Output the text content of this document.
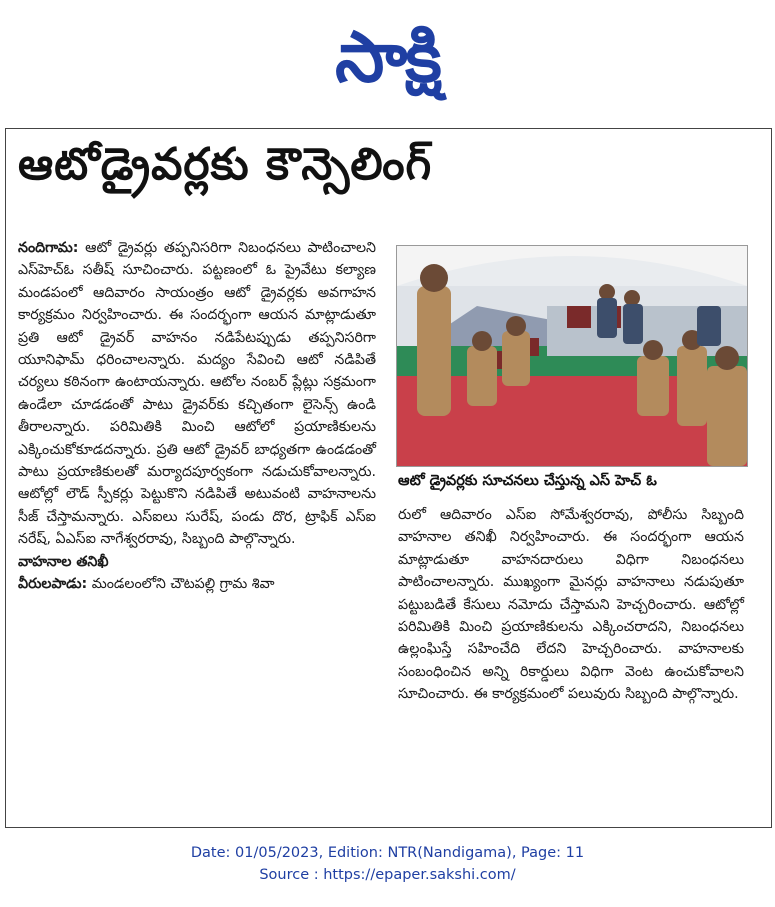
సాక్షి
ఆటోడ్రైవర్లకు కౌన్సెలింగ్

నందిగామ: ఆటో డ్రైవర్లు తప్పనిసరిగా నిబంధనలు పాటించాలని ఎస్‌హెచ్‌ఓ సతీష్ సూచించారు. పట్టణంలో ఓ ప్రైవేటు కల్యాణ మండపంలో ఆదివారం సాయంత్రం ఆటో డ్రైవర్లకు అవగాహన కార్యక్రమం నిర్వహించారు. ఈ సందర్భంగా ఆయన మాట్లాడుతూ ప్రతి ఆటో డ్రైవర్ వాహనం నడిపేటప్పుడు తప్పనిసరిగా యూనిఫామ్ ధరించాలన్నారు. మద్యం సేవించి ఆటో నడిపితే చర్యలు కఠినంగా ఉంటాయన్నారు. ఆటోల నంబర్ ప్లేట్లు సక్రమంగా ఉండేలా చూడడంతో పాటు డ్రైవర్‌కు కచ్చితంగా లైసెన్స్ ఉండి తీరాలన్నారు. పరిమితికి మించి ఆటోలో ప్రయాణికులను ఎక్కించుకోకూడదన్నారు. ప్రతి ఆటో డ్రైవర్ బాధ్యతగా ఉండడంతో పాటు ప్రయాణికులతో మర్యాదపూర్వకంగా నడుచుకోవాలన్నారు. ఆటోల్లో లౌడ్ స్పీకర్లు పెట్టుకొని నడిపితే అటువంటి వాహనాలను సీజ్ చేస్తామన్నారు. ఎస్ఐలు సురేష్, పండు దొర, ట్రాఫిక్ ఎస్ఐ నరేష్, ఏఎస్ఐ నాగేశ్వరరావు, సిబ్బంది పాల్గొన్నారు.

వాహనాల తనిఖీ

వీరులపాడు: మండలంలోని చౌటపల్లి గ్రామ శివా

ఆటో డ్రైవర్లకు సూచనలు చేస్తున్న ఎస్ హెచ్ ఓ

రులో ఆదివారం ఎస్ఐ సోమేశ్వరరావు, పోలీసు సిబ్బంది వాహనాల తనిఖీ నిర్వహించారు. ఈ సందర్భంగా ఆయన మాట్లాడుతూ వాహనదారులు విధిగా నిబంధనలు పాటించాలన్నారు. ముఖ్యంగా మైనర్లు వాహనాలు నడుపుతూ పట్టుబడితే కేసులు నమోదు చేస్తామని హెచ్చరించారు. ఆటోల్లో పరిమితికి మించి ప్రయాణికులను ఎక్కించరాదని, నిబంధనలు ఉల్లంఘిస్తే సహించేది లేదని హెచ్చరించారు. వాహనాలకు సంబంధించిన అన్ని రికార్డులు విధిగా వెంట ఉంచుకోవాలని సూచించారు. ఈ కార్యక్రమంలో పలువురు సిబ్బంది పాల్గొన్నారు.

Date: 01/05/2023, Edition: NTR(Nandigama), Page: 11
Source : https://epaper.sakshi.com/
